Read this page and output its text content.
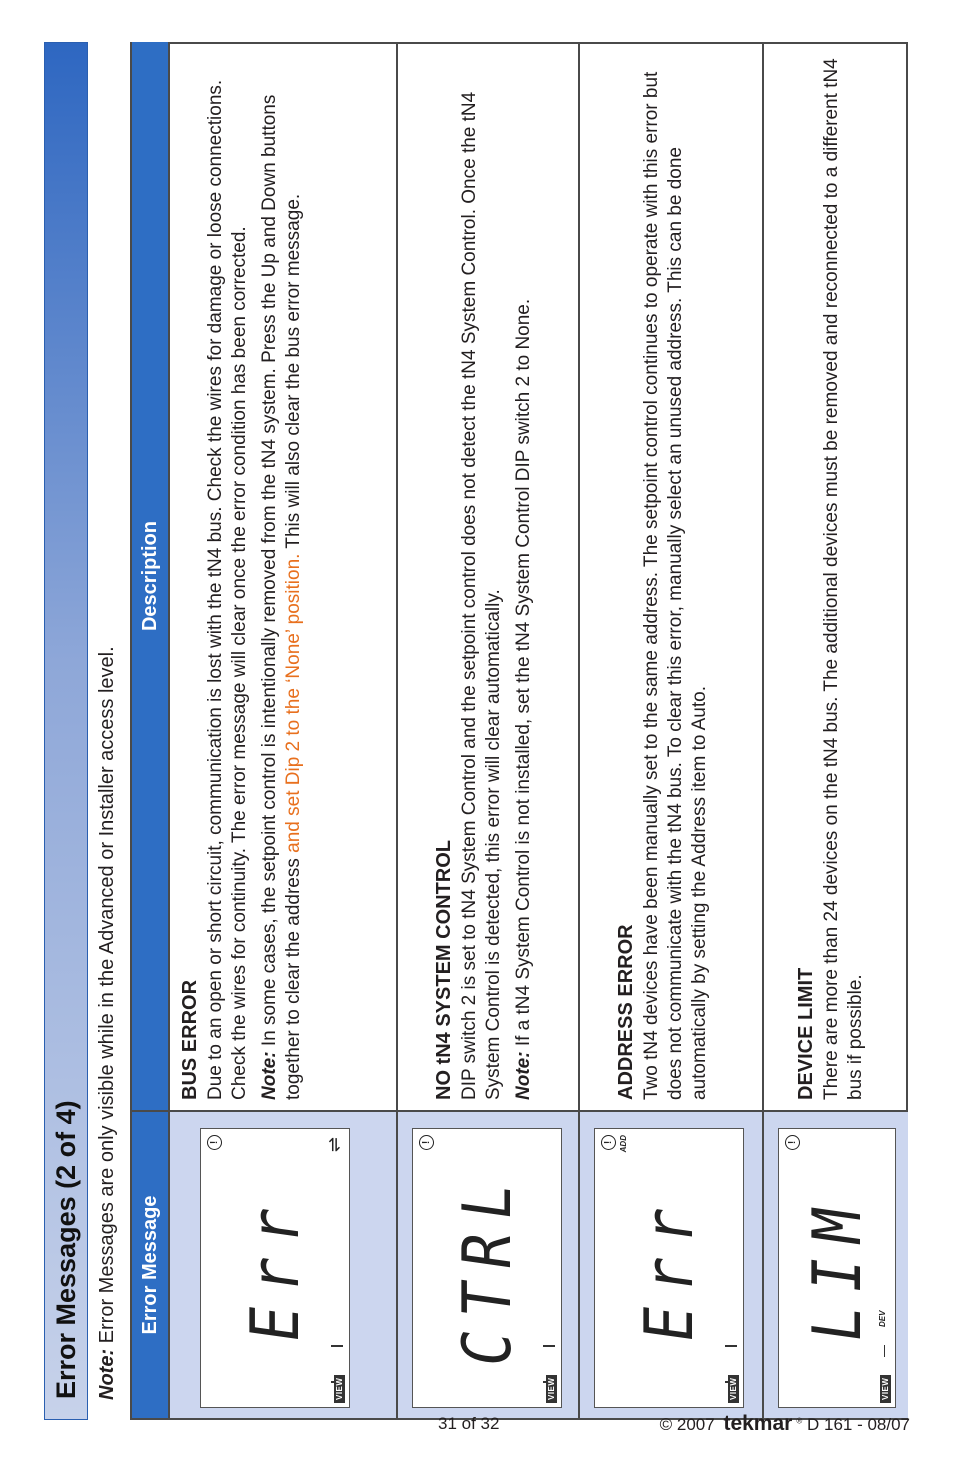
Error Messages (2 of 4) Note: Error Messages are only visible while in the Advanced or Installer access level.	Error Message
Description
!
Err
⇌
VIEW
BUS ERROR Due to an open or short circuit, communication is lost with the tN4 bus. Check the wires for damage or loose connections. Check the wires for continuity. The error message will clear once the error condition has been corrected. Note: In some cases, the setpoint control is intentionally removed from the tN4 system. Press the Up and Down buttons together to clear the address and set Dip 2 to the ‘None’ position. This will also clear the bus error message.
!
CTRL
VIEW
NO tN4 SYSTEM CONTROL DIP switch 2 is set to tN4 System Control and the setpoint control does not detect the tN4 System Control. Once the tN4 System Control is detected, this error will clear automatically. Note: If a tN4 System Control is not installed, set the tN4 System Control DIP switch 2 to None.
! ADD
Err
VIEW
ADDRESS ERROR Two tN4 devices have been manually set to the same address. The setpoint control continues to operate with this error but does not communicate with the tN4 bus. To clear this error, manually select an unused address. This can be done automatically by setting the Address item to Auto.
!
LIM DEV
VIEW
DEVICE LIMIT There are more than 24 devices on the tN4 bus. The additional devices must be removed and reconnected to a different tN4 bus if possible.
31 of 32	© 2007 tekmar ® D 161 - 08/07
